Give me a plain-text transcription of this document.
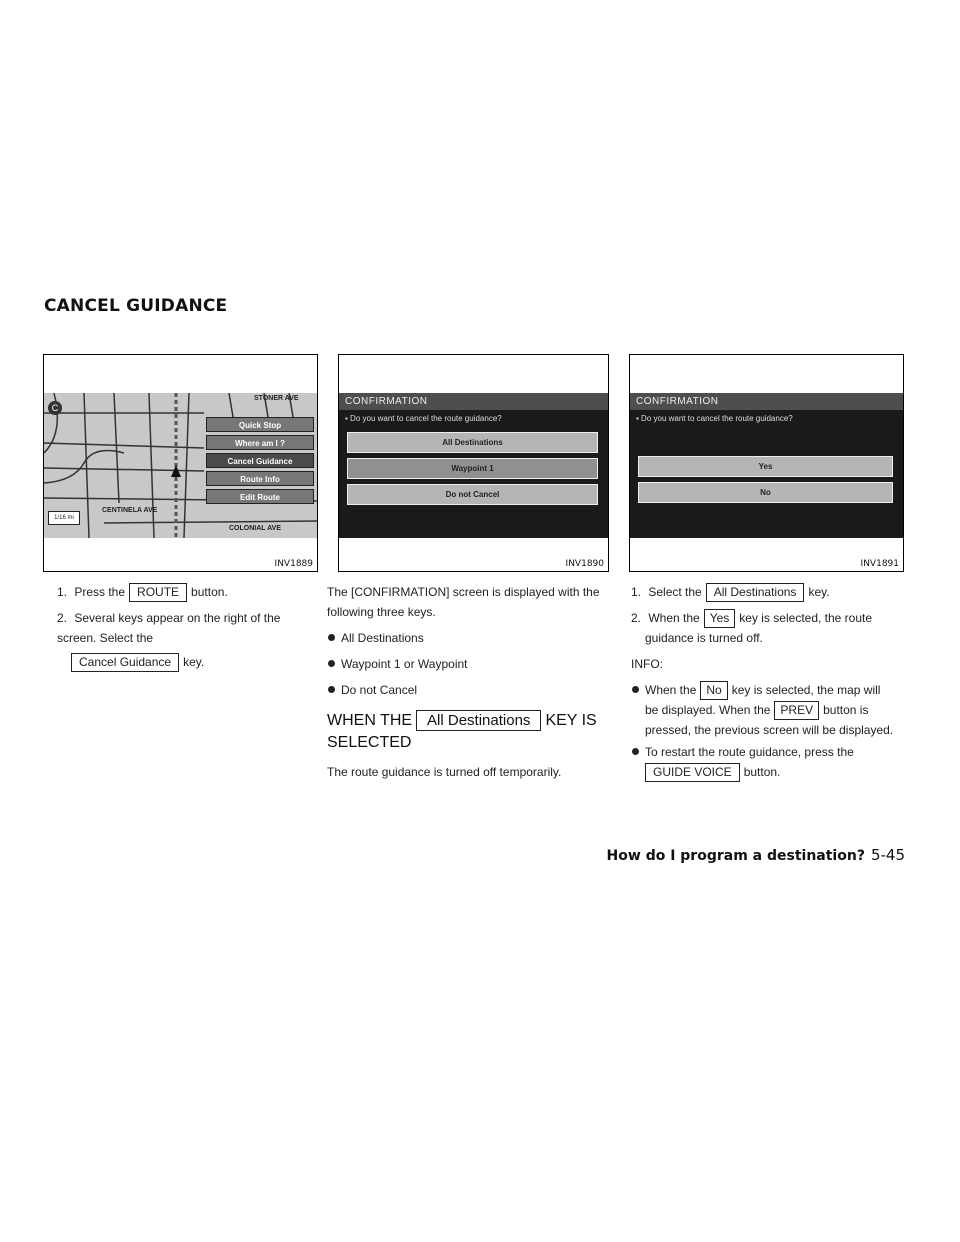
CANCEL GUIDANCE
C
CENTINELA AVE
COLONIAL AVE
STONER AVE
1/16 mi
Quick Stop
Where am I ?
Cancel Guidance
Route Info
Edit Route
INV1889
CONFIRMATION
▪ Do you want to cancel the route guidance?
All Destinations
Waypoint 1
Do not Cancel
INV1890
CONFIRMATION
▪ Do you want to cancel the route guidance?
Yes
No
INV1891
1. Press the ROUTE button.
2. Several keys appear on the right of the screen. Select the
Cancel Guidance key.
The [CONFIRMATION] screen is displayed with the following three keys.
All Destinations
Waypoint 1 or Waypoint
Do not Cancel
WHEN THE All Destinations KEY IS
SELECTED
The route guidance is turned off temporarily.
1. Select the All Destinations key.
2. When the Yes key is selected, the route
guidance is turned off.
INFO:
When the No key is selected, the map will
be displayed. When the PREV button is
pressed, the previous screen will be displayed.
To restart the route guidance, press the
GUIDE VOICE button.
How do I program a destination? 5-45
